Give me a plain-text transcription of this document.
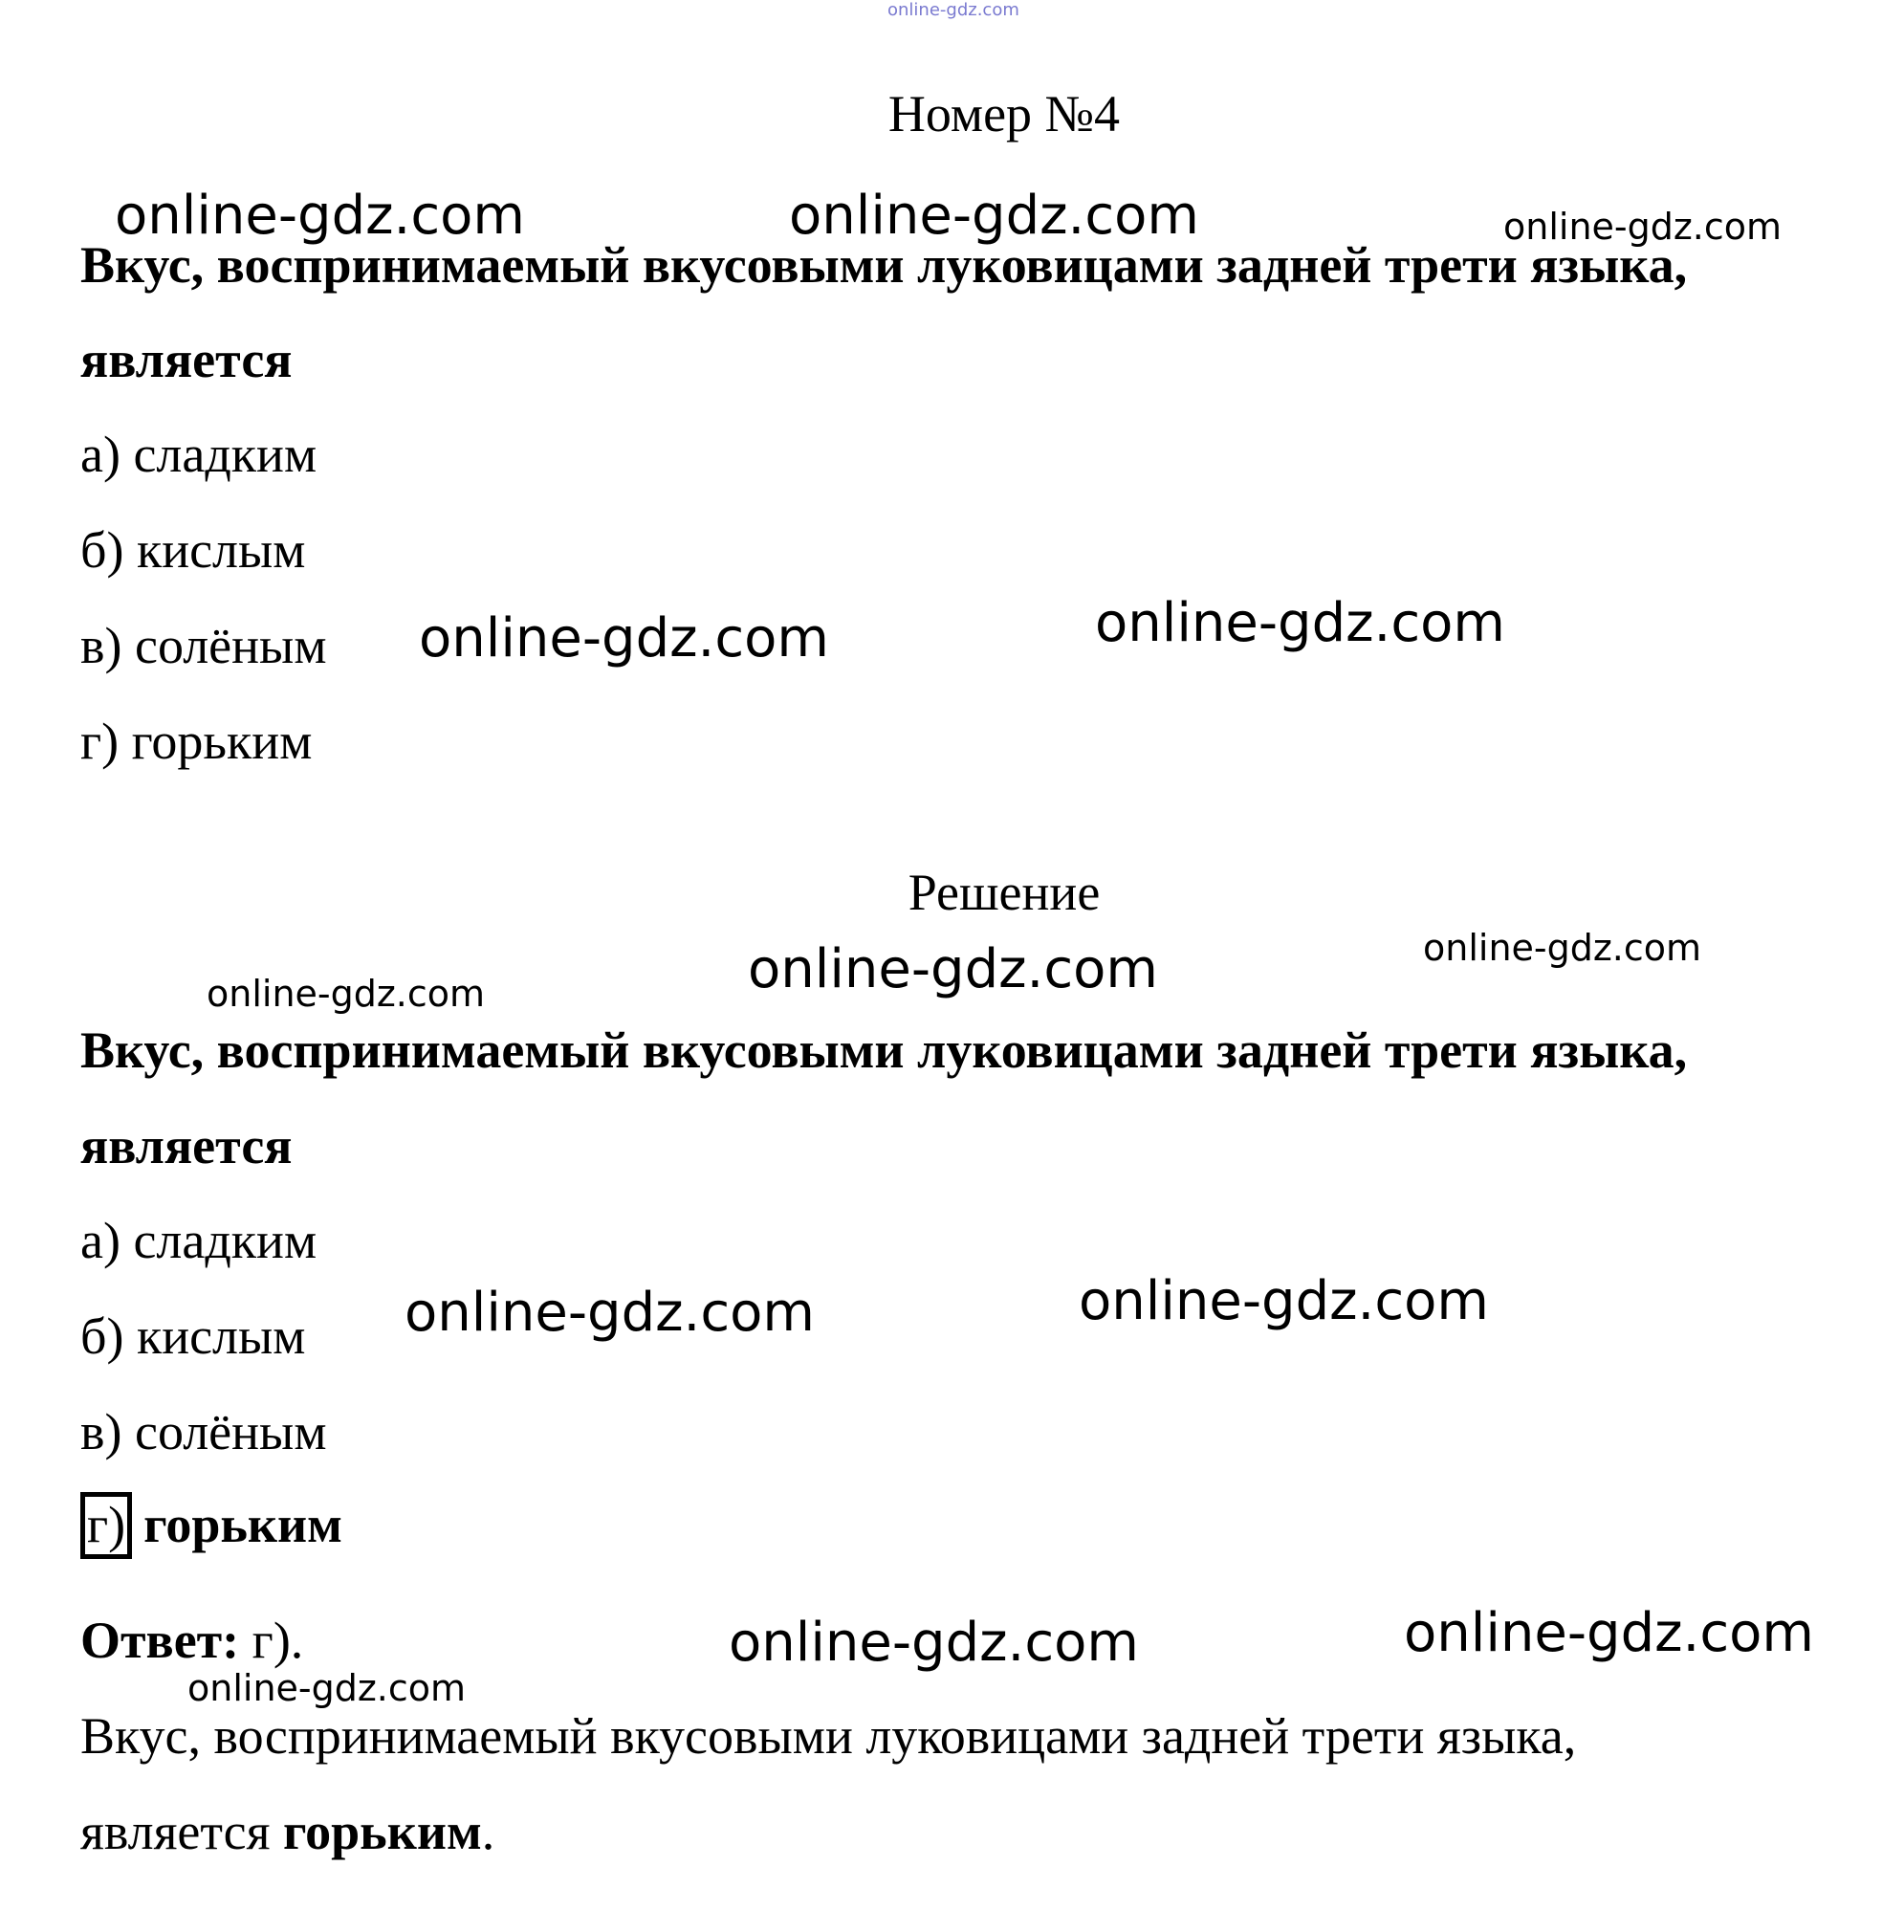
online-gdz.com
Номер №4
online-gdz.com	online-gdz.com	online-gdz.com
Вкус, воспринимаемый вкусовыми луковицами задней трети языка,
является
а) сладким
б) кислым
в) солёным
г) горьким
online-gdz.com	online-gdz.com
Решение
online-gdz.com	online-gdz.com
online-gdz.com
Вкус, воспринимаемый вкусовыми луковицами задней трети языка,
является
а) сладким
б) кислым
в) солёным
г) горьким
online-gdz.com	online-gdz.com
Ответ: г).	online-gdz.com	online-gdz.com
online-gdz.com
Вкус, воспринимаемый вкусовыми луковицами задней трети языка,
является горьким.
